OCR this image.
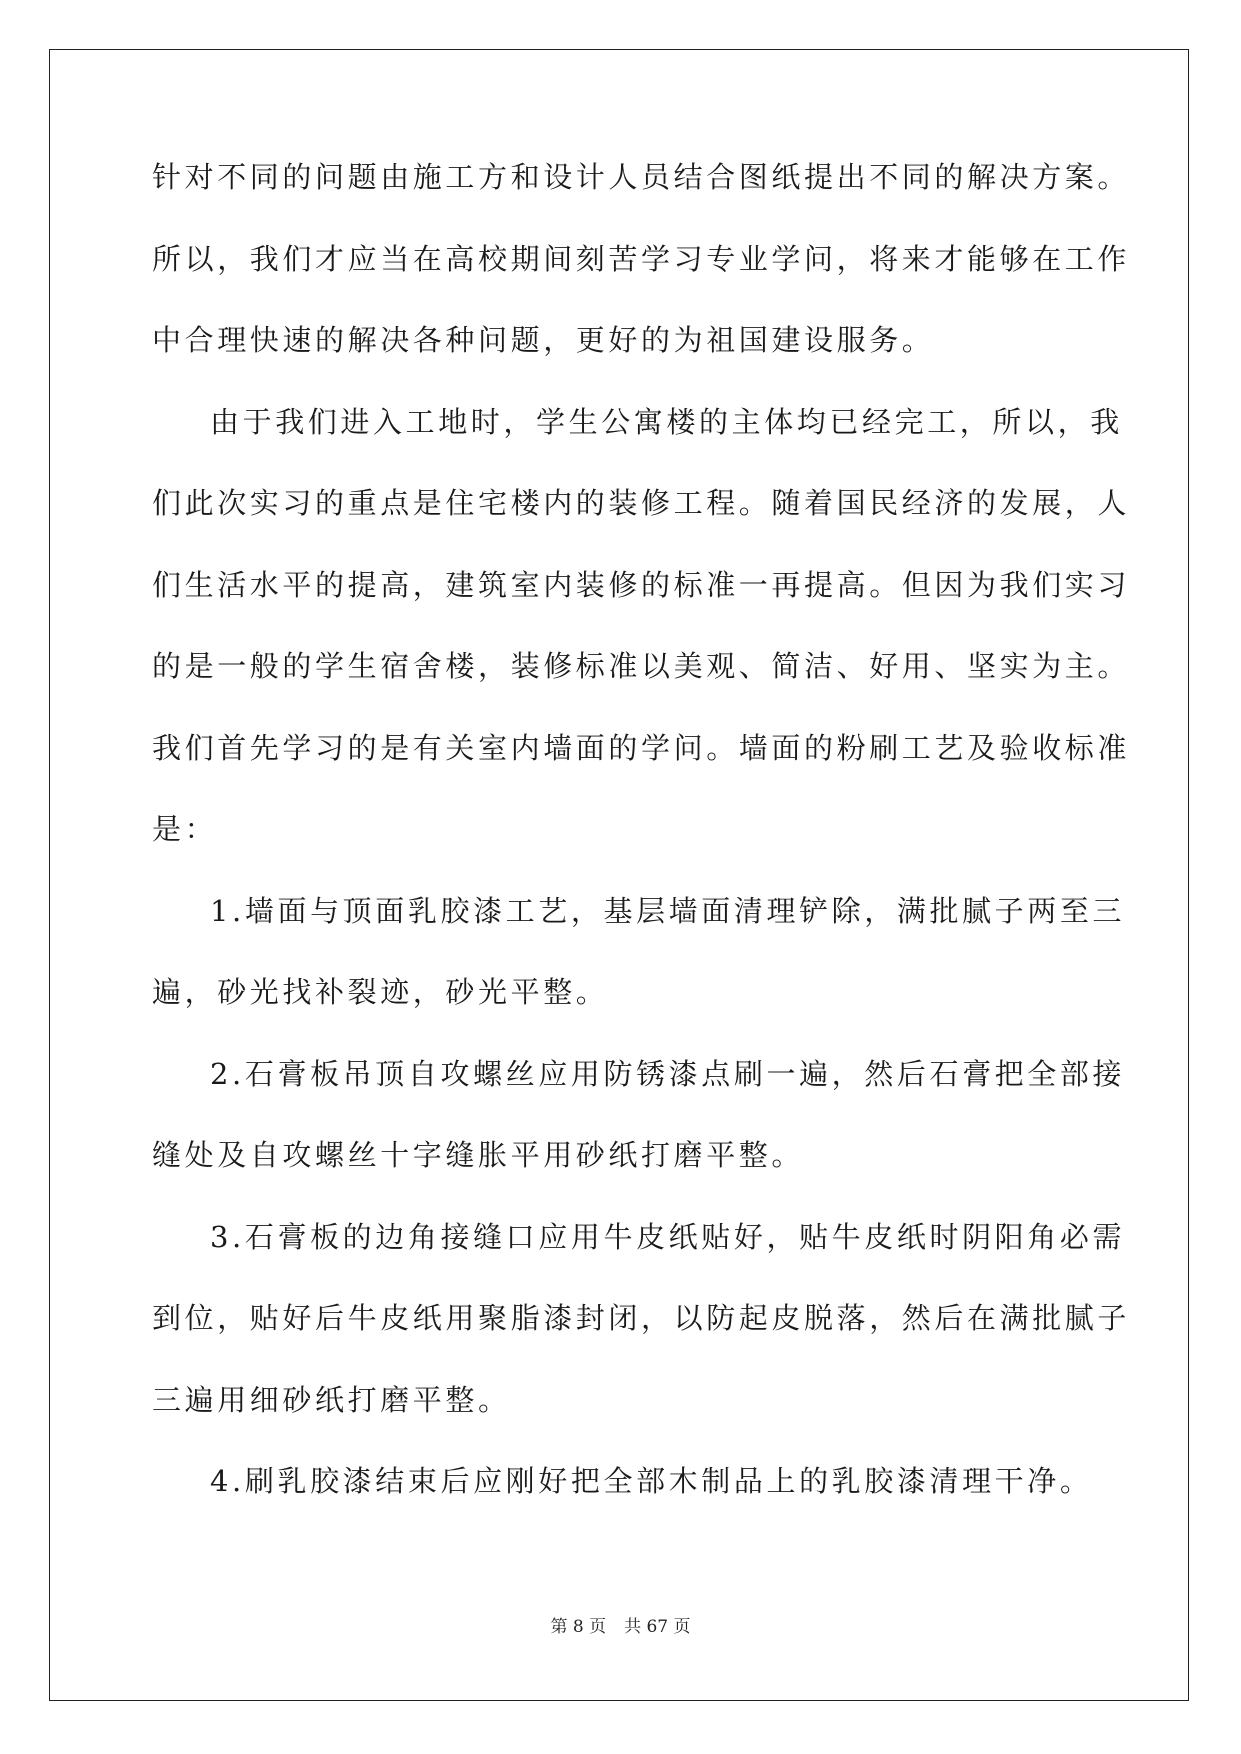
针对不同的问题由施工方和设计人员结合图纸提出不同的解决方案。
所以，我们才应当在高校期间刻苦学习专业学问，将来才能够在工作
中合理快速的解决各种问题，更好的为祖国建设服务。
由于我们进入工地时，学生公寓楼的主体均已经完工，所以，我
们此次实习的重点是住宅楼内的装修工程。随着国民经济的发展，人
们生活水平的提高，建筑室内装修的标准一再提高。但因为我们实习
的是一般的学生宿舍楼，装修标准以美观、简洁、好用、坚实为主。
我们首先学习的是有关室内墙面的学问。墙面的粉刷工艺及验收标准
是：
1.墙面与顶面乳胶漆工艺，基层墙面清理铲除，满批腻子两至三
遍，砂光找补裂迹，砂光平整。
2.石膏板吊顶自攻螺丝应用防锈漆点刷一遍，然后石膏把全部接
缝处及自攻螺丝十字缝胀平用砂纸打磨平整。
3.石膏板的边角接缝口应用牛皮纸贴好，贴牛皮纸时阴阳角必需
到位，贴好后牛皮纸用聚脂漆封闭，以防起皮脱落，然后在满批腻子
三遍用细砂纸打磨平整。
4.刷乳胶漆结束后应刚好把全部木制品上的乳胶漆清理干净。
第 8 页 共 67 页
